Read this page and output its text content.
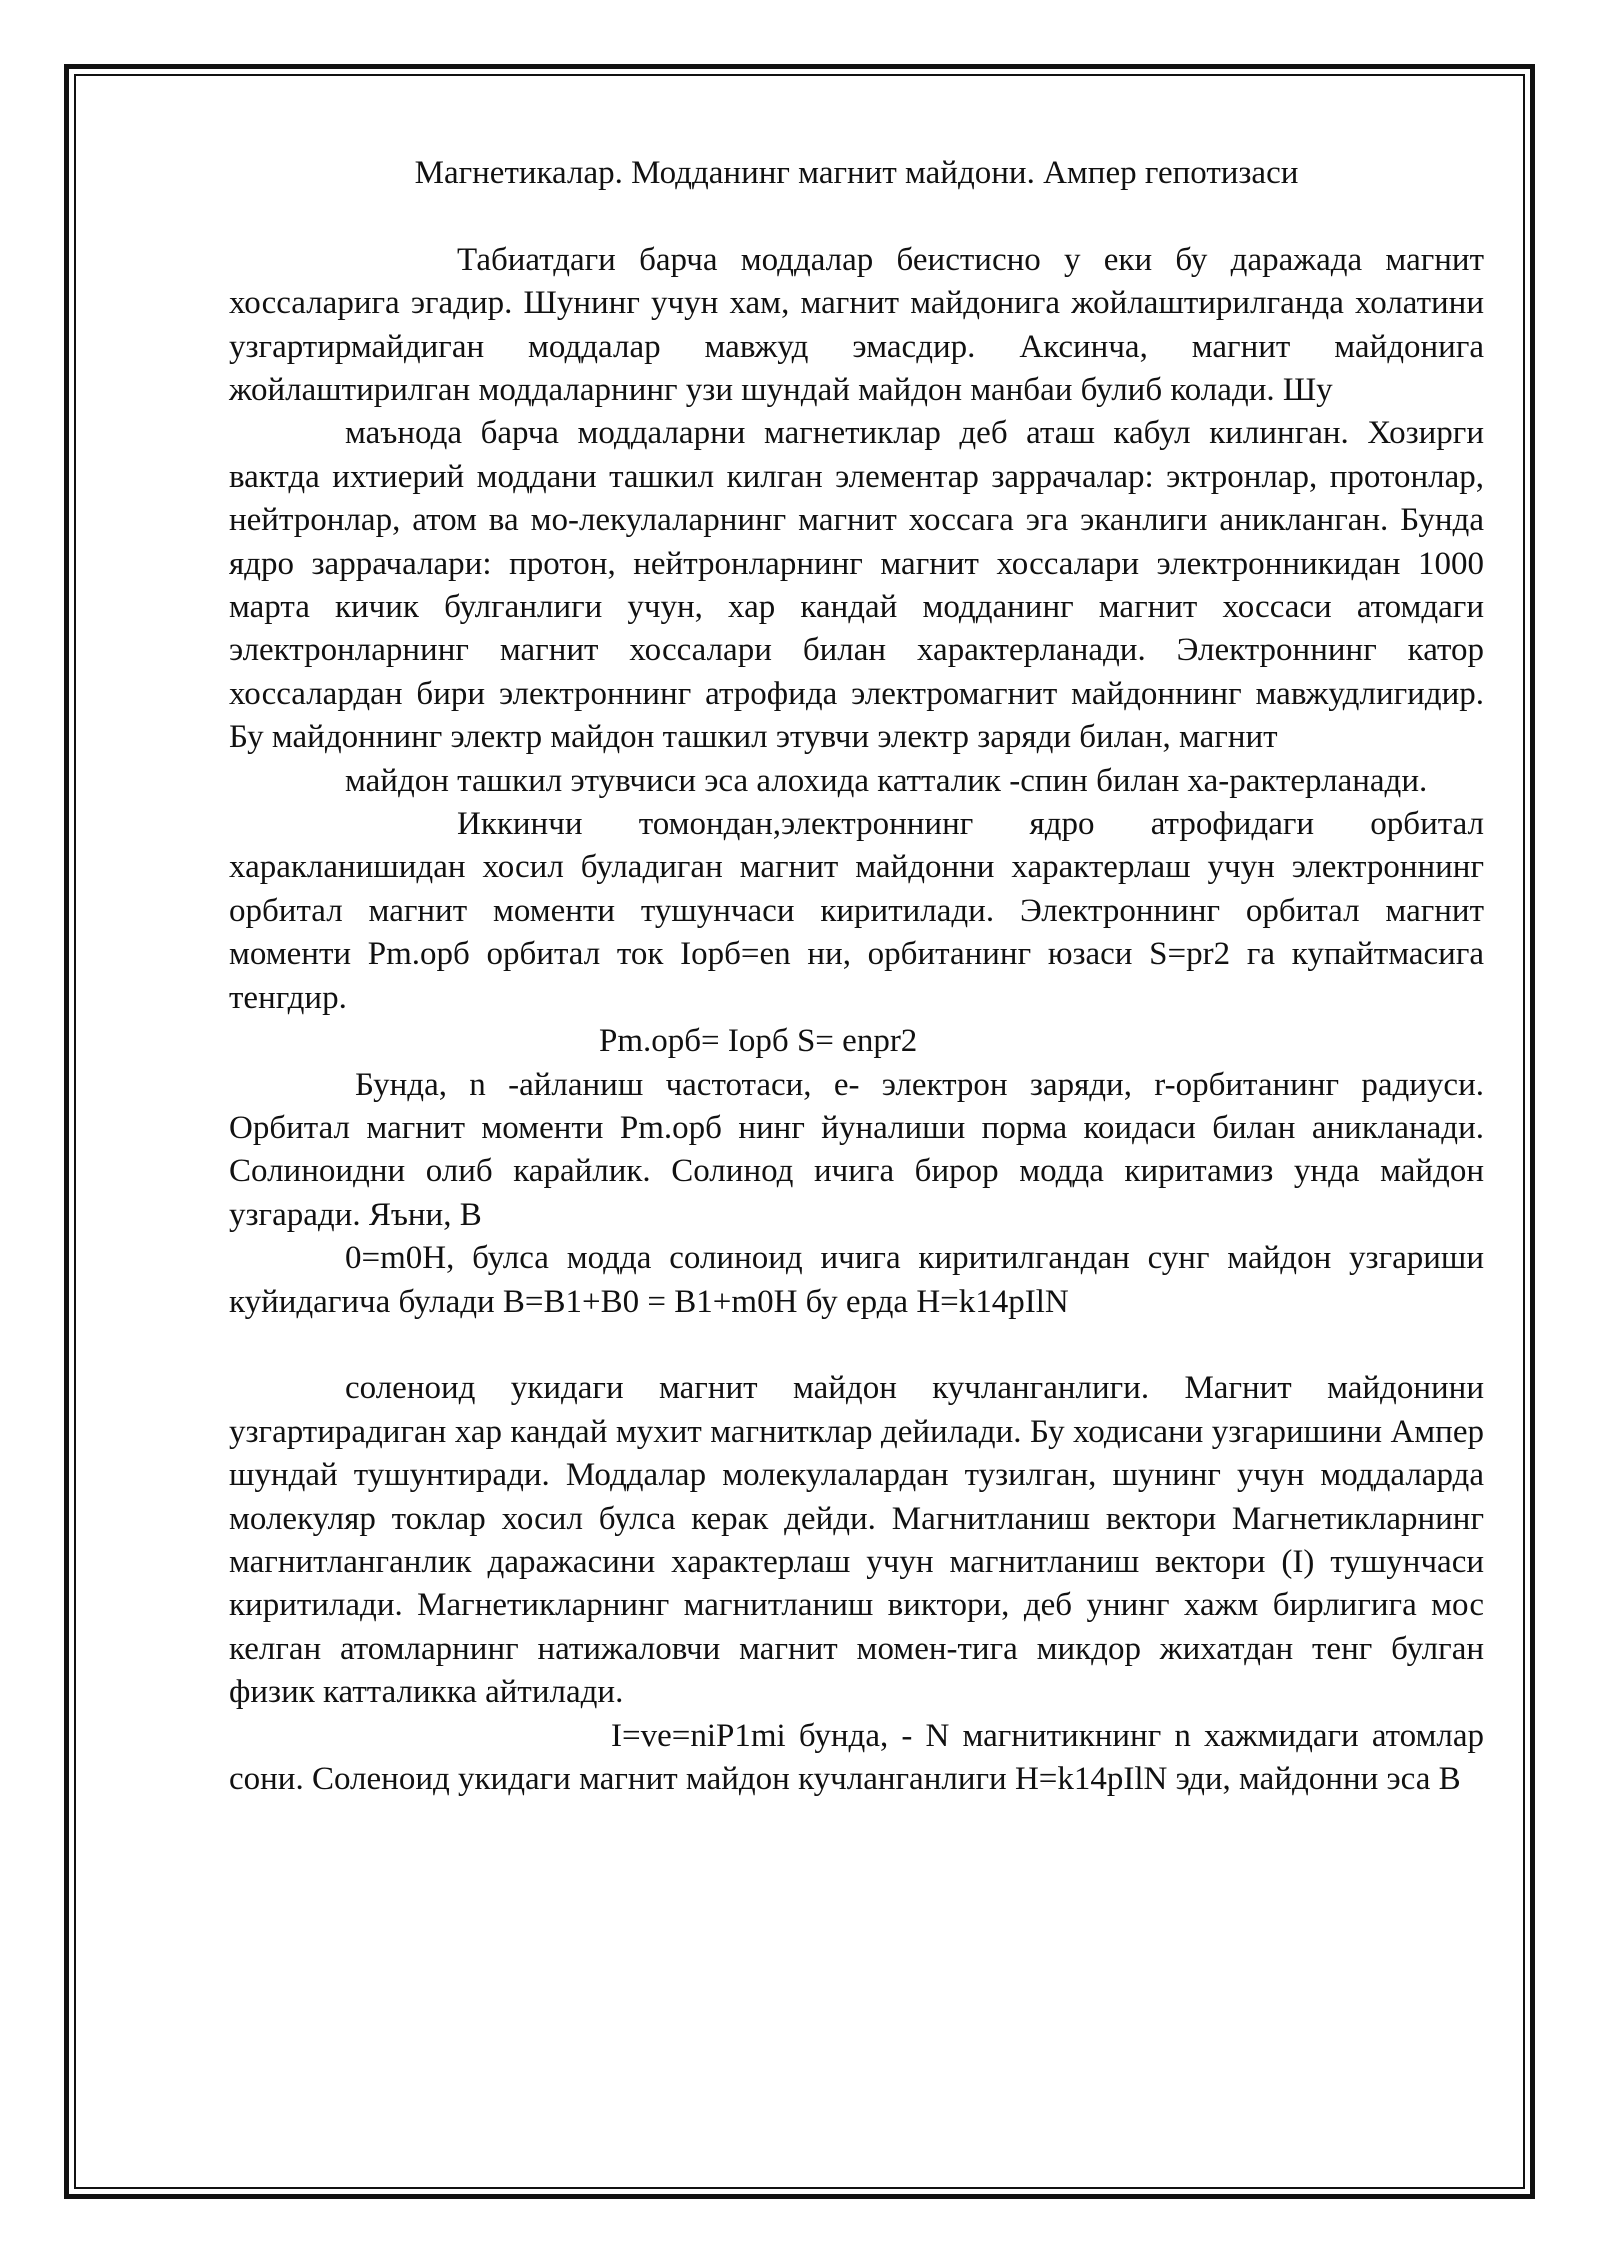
Магнетикалар. Модданинг магнит майдони. Ампер гепотизаси

Табиатдаги барча моддалар беистисно у еки бу даражада магнит хоссаларига эгадир. Шунинг учун хам, магнит майдонига жойлаштирилганда холатини узгартирмайдиган моддалар мавжуд эмасдир. Аксинча, магнит майдонига жойлаштирилган моддаларнинг узи шундай майдон манбаи булиб колади. Шу

маънода барча моддаларни магнетиклар деб аташ кабул килинган. Хозирги вактда ихтиерий моддани ташкил килган элементар заррачалар: эктронлар, протонлар, нейтронлар, атом ва мо-лекулаларнинг магнит хоссага эга эканлиги аникланган. Бунда ядро заррачалари: протон, нейтронларнинг магнит хоссалари электронникидан 1000 марта кичик булганлиги учун, хар кандай модданинг магнит хоссаси атомдаги электронларнинг магнит хоссалари билан характерланади. Электроннинг катор хоссалардан бири электроннинг атрофида электромагнит майдоннинг мавжудлигидир. Бу майдоннинг электр майдон ташкил этувчи электр заряди билан, магнит

майдон ташкил этувчиси эса алохида катталик -спин билан ха-рактерланади.

Иккинчи томондан,электроннинг ядро атрофидаги орбитал харакланишидан хосил буладиган магнит майдонни характерлаш учун электроннинг орбитал магнит моменти тушунчаси киритилади. Электроннинг орбитал магнит моменти Pm.орб орбитал ток Iорб=en ни, орбитанинг юзаси S=pr2 га купайтмасига тенгдир.

Pm.орб= Iорб S= enpr2

Бунда, n -айланиш частотаси, е- электрон заряди, r-орбитанинг радиуси. Орбитал магнит моменти Pm.орб нинг йуналиши порма коидаси билан аникланади. Солиноидни олиб карайлик. Солинод ичига бирор модда киритамиз унда майдон узгаради. Яъни, В

0=m0H, булса модда солиноид ичига киритилгандан сунг майдон узгариши куйидагича булади B=B1+B0 = B1+m0H бу ерда H=k14pIlN

соленоид укидаги магнит майдон кучланганлиги. Магнит майдонини узгартирадиган хар кандай мухит магнитклар дейилади. Бу ходисани узгаришини Ампер шундай тушунтиради. Моддалар молекулалардан тузилган, шунинг учун моддаларда молекуляр токлар хосил булса керак дейди. Магнитланиш вектори Магнетикларнинг магнитланганлик даражасини характерлаш учун магнитланиш вектори (I) тушунчаси киритилади. Магнетикларнинг магнитланиш виктори, деб унинг хажм бирлигига мос келган атомларнинг натижаловчи магнит момен-тига микдор жихатдан тенг булган физик катталикка айтилади.

I=ve=niP1mi бунда, - N магнитикнинг n хажмидаги атомлар сони. Соленоид укидаги магнит майдон кучланганлиги H=k14pIlN эди, майдонни эса В
